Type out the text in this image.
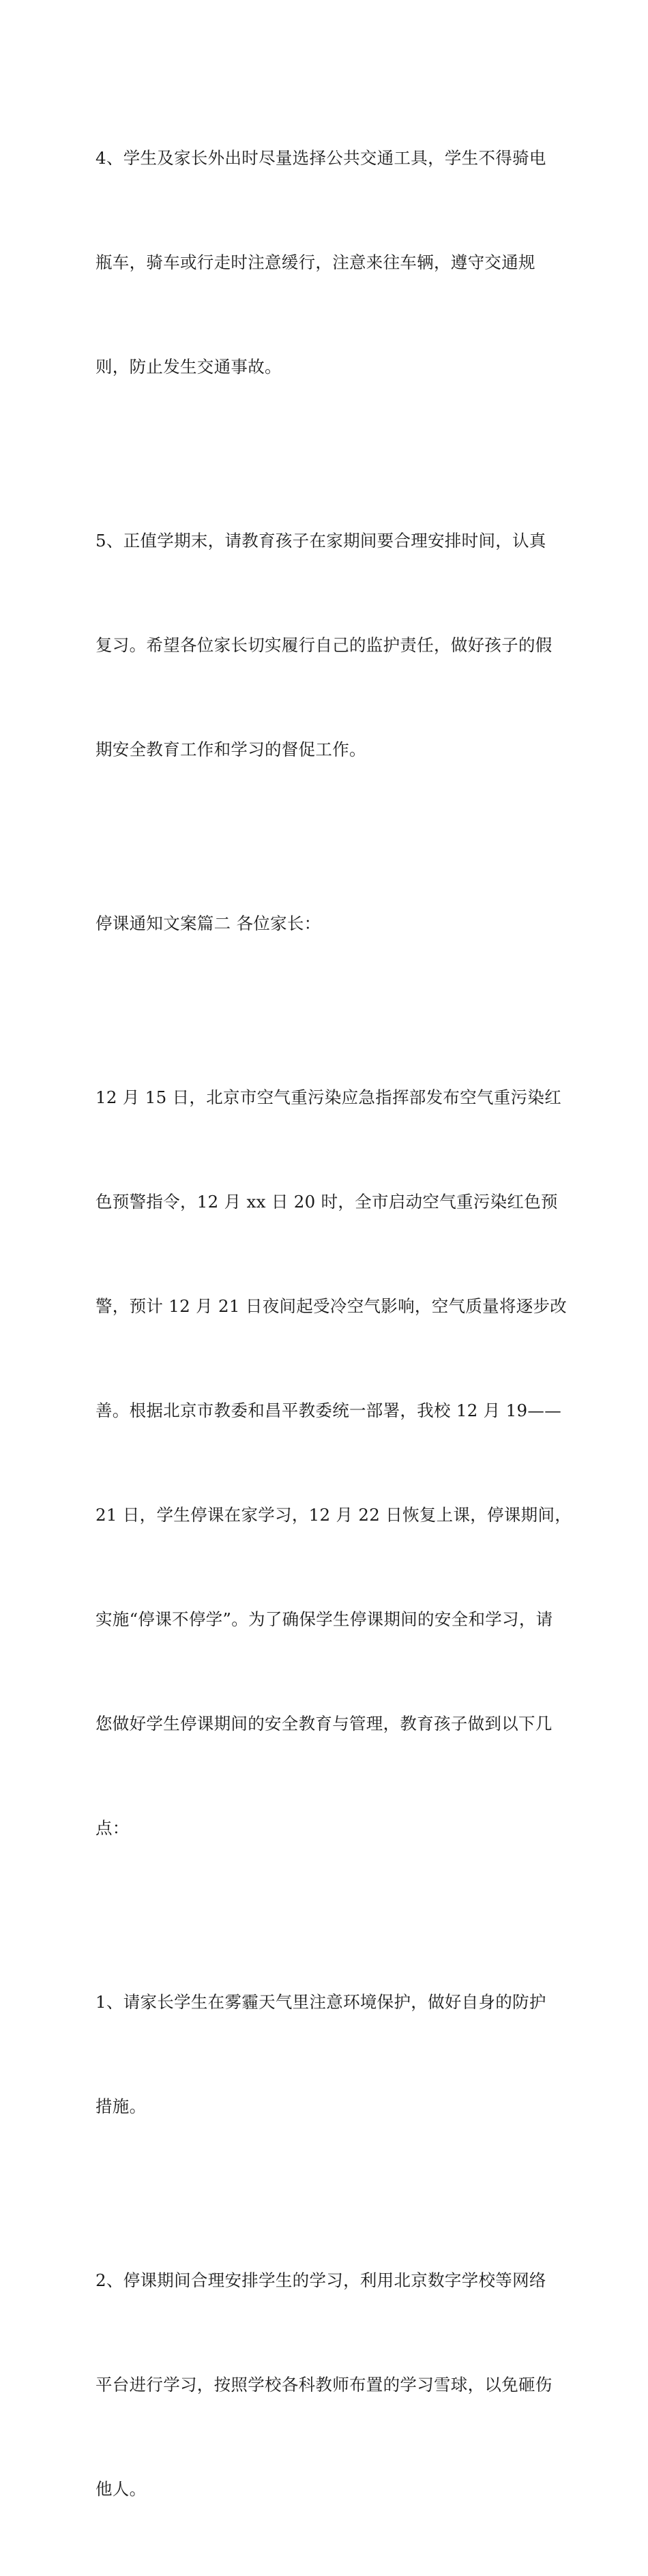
4、学生及家长外出时尽量选择公共交通工具，学生不得骑电

瓶车，骑车或行走时注意缓行，注意来往车辆，遵守交通规

则，防止发生交通事故。

5、正值学期末，请教育孩子在家期间要合理安排时间，认真

复习。希望各位家长切实履行自己的监护责任，做好孩子的假

期安全教育工作和学习的督促工作。

停课通知文案篇二 各位家长：

12 月 15 日，北京市空气重污染应急指挥部发布空气重污染红

色预警指令，12 月 xx 日 20 时，全市启动空气重污染红色预

警，预计 12 月 21 日夜间起受冷空气影响，空气质量将逐步改

善。根据北京市教委和昌平教委统一部署，我校 12 月 19——

21 日，学生停课在家学习，12 月 22 日恢复上课，停课期间，

实施“停课不停学”。为了确保学生停课期间的安全和学习，请

您做好学生停课期间的安全教育与管理，教育孩子做到以下几

点：

1、请家长学生在雾霾天气里注意环境保护，做好自身的防护

措施。

2、停课期间合理安排学生的学习，利用北京数字学校等网络

平台进行学习，按照学校各科教师布置的学习雪球，以免砸伤

他人。
